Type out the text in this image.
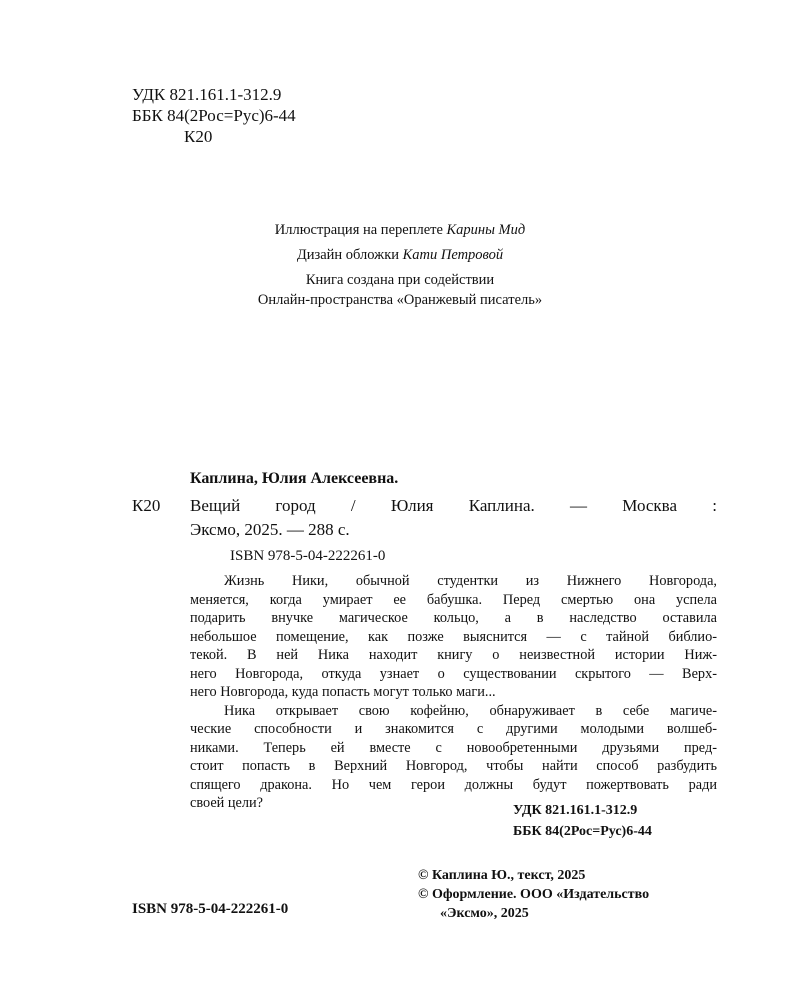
УДК 821.161.1-312.9
ББК 84(2Рос=Рус)6-44
К20
Иллюстрация на переплете Карины Мид
Дизайн обложки Кати Петровой
Книга создана при содействии
Онлайн-пространства «Оранжевый писатель»
Каплина, Юлия Алексеевна.
К20 Вещий город / Юлия Каплина. — Москва :
Эксмо, 2025. — 288 с.
ISBN 978-5-04-222261-0
Жизнь Ники, обычной студентки из Нижнего Новгорода,
меняется, когда умирает ее бабушка. Перед смертью она успела
подарить внучке магическое кольцо, а в наследство оставила
небольшое помещение, как позже выяснится — с тайной библио-
текой. В ней Ника находит книгу о неизвестной истории Ниж-
него Новгорода, откуда узнает о существовании скрытого — Верх-
него Новгорода, куда попасть могут только маги...
Ника открывает свою кофейню, обнаруживает в себе магиче-
ческие способности и знакомится с другими молодыми волшеб-
никами. Теперь ей вместе с новообретенными друзьями пред-
стоит попасть в Верхний Новгород, чтобы найти способ разбудить
спящего дракона. Но чем герои должны будут пожертвовать ради
своей цели?	УДК 821.161.1-312.9
ББК 84(2Рос=Рус)6-44
© Каплина Ю., текст, 2025
© Оформление. ООО «Издательство
«Эксмо», 2025
ISBN 978-5-04-222261-0
